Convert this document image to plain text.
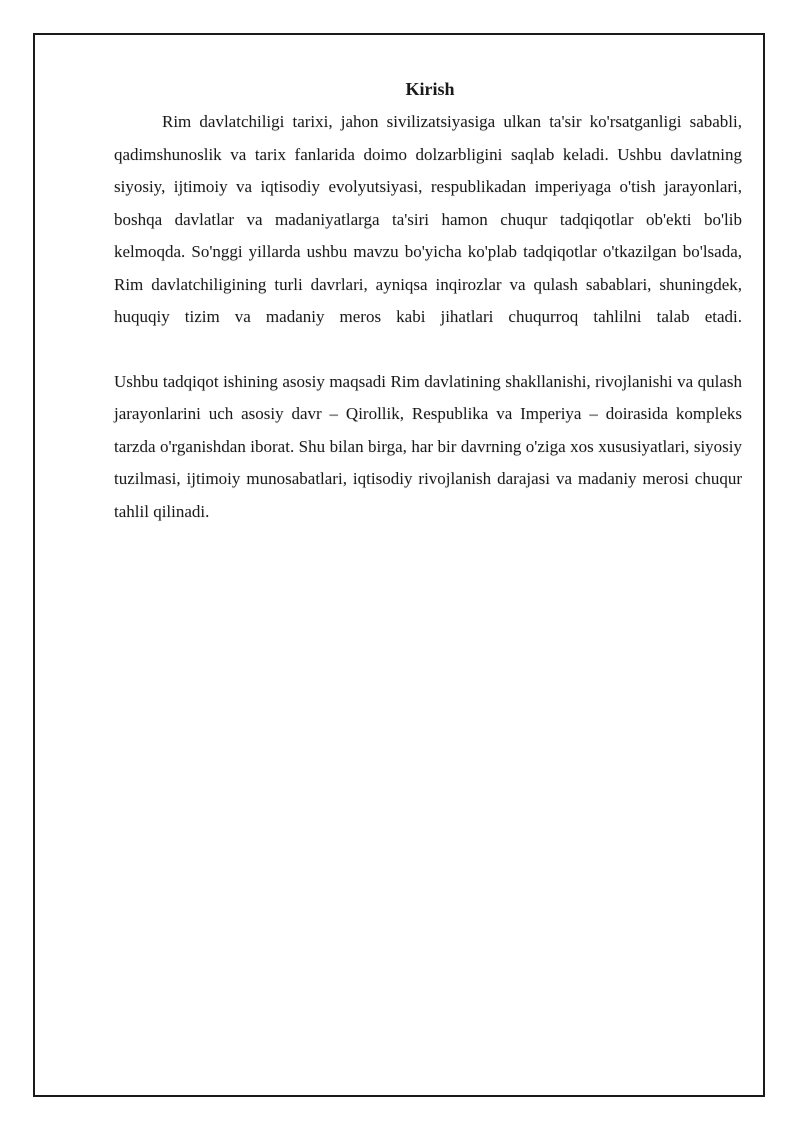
Kirish

Rim davlatchiligi tarixi, jahon sivilizatsiyasiga ulkan ta'sir ko'rsatganligi sababli, qadimshunoslik va tarix fanlarida doimo dolzarbligini saqlab keladi. Ushbu davlatning siyosiy, ijtimoiy va iqtisodiy evolyutsiyasi, respublikadan imperiyaga o'tish jarayonlari, boshqa davlatlar va madaniyatlarga ta'siri hamon chuqur tadqiqotlar ob'ekti bo'lib kelmoqda. So'nggi yillarda ushbu mavzu bo'yicha ko'plab tadqiqotlar o'tkazilgan bo'lsada, Rim davlatchiligining turli davrlari, ayniqsa inqirozlar va qulash sabablari, shuningdek, huquqiy tizim va madaniy meros kabi jihatlari chuqurroq tahlilni talab etadi.

Ushbu tadqiqot ishining asosiy maqsadi Rim davlatining shakllanishi, rivojlanishi va qulash jarayonlarini uch asosiy davr – Qirollik, Respublika va Imperiya – doirasida kompleks tarzda o'rganishdan iborat. Shu bilan birga, har bir davrning o'ziga xos xususiyatlari, siyosiy tuzilmasi, ijtimoiy munosabatlari, iqtisodiy rivojlanish darajasi va madaniy merosi chuqur tahlil qilinadi.
